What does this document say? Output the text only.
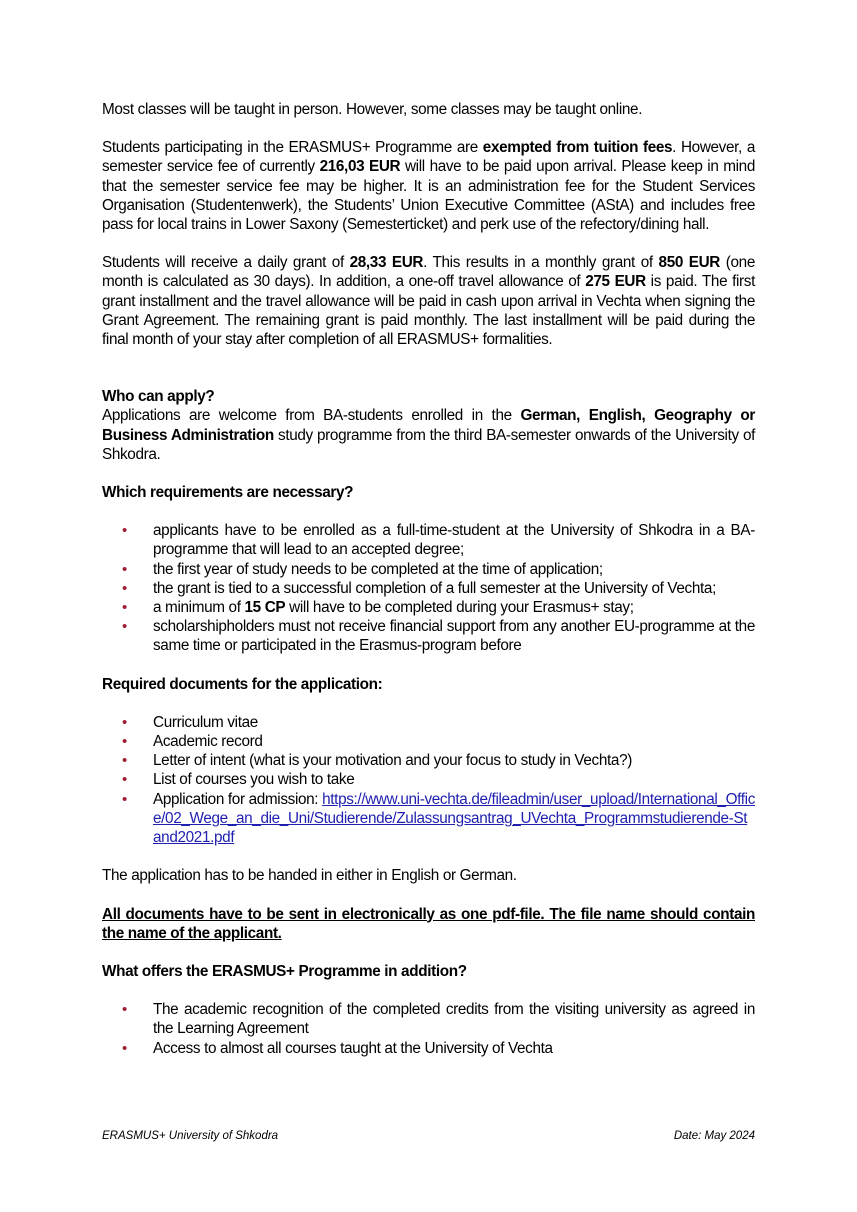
Most classes will be taught in person. However, some classes may be taught online.

Students participating in the ERASMUS+ Programme are exempted from tuition fees. However, a semester service fee of currently 216,03 EUR will have to be paid upon arrival. Please keep in mind that the semester service fee may be higher. It is an administration fee for the Student Services Organisation (Studentenwerk), the Students’ Union Executive Committee (AStA) and includes free pass for local trains in Lower Saxony (Semesterticket) and perk use of the refectory/dining hall.

Students will receive a daily grant of 28,33 EUR. This results in a monthly grant of 850 EUR (one month is calculated as 30 days). In addition, a one-off travel allowance of 275 EUR is paid. The first grant installment and the travel allowance will be paid in cash upon arrival in Vechta when signing the Grant Agreement. The remaining grant is paid monthly. The last installment will be paid during the final month of your stay after completion of all ERASMUS+ formalities.

Who can apply?

Applications are welcome from BA-students enrolled in the German, English, Geography or Business Administration study programme from the third BA-semester onwards of the University of Shkodra.

Which requirements are necessary?

• applicants have to be enrolled as a full-time-student at the University of Shkodra in a BA-programme that will lead to an accepted degree;
• the first year of study needs to be completed at the time of application;
• the grant is tied to a successful completion of a full semester at the University of Vechta;
• a minimum of 15 CP will have to be completed during your Erasmus+ stay;
• scholarshipholders must not receive financial support from any another EU-programme at the same time or participated in the Erasmus-program before

Required documents for the application:

• Curriculum vitae
• Academic record
• Letter of intent (what is your motivation and your focus to study in Vechta?)
• List of courses you wish to take
• Application for admission: https://www.uni-vechta.de/fileadmin/user_upload/International_Office/02_Wege_an_die_Uni/Studierende/Zulassungsantrag_UVechta_Programmstudierende-Stand2021.pdf

The application has to be handed in either in English or German.

All documents have to be sent in electronically as one pdf-file. The file name should contain the name of the applicant.

What offers the ERASMUS+ Programme in addition?

• The academic recognition of the completed credits from the visiting university as agreed in the Learning Agreement
• Access to almost all courses taught at the University of Vechta
ERASMUS+ University of Shkodra	Date: May 2024
